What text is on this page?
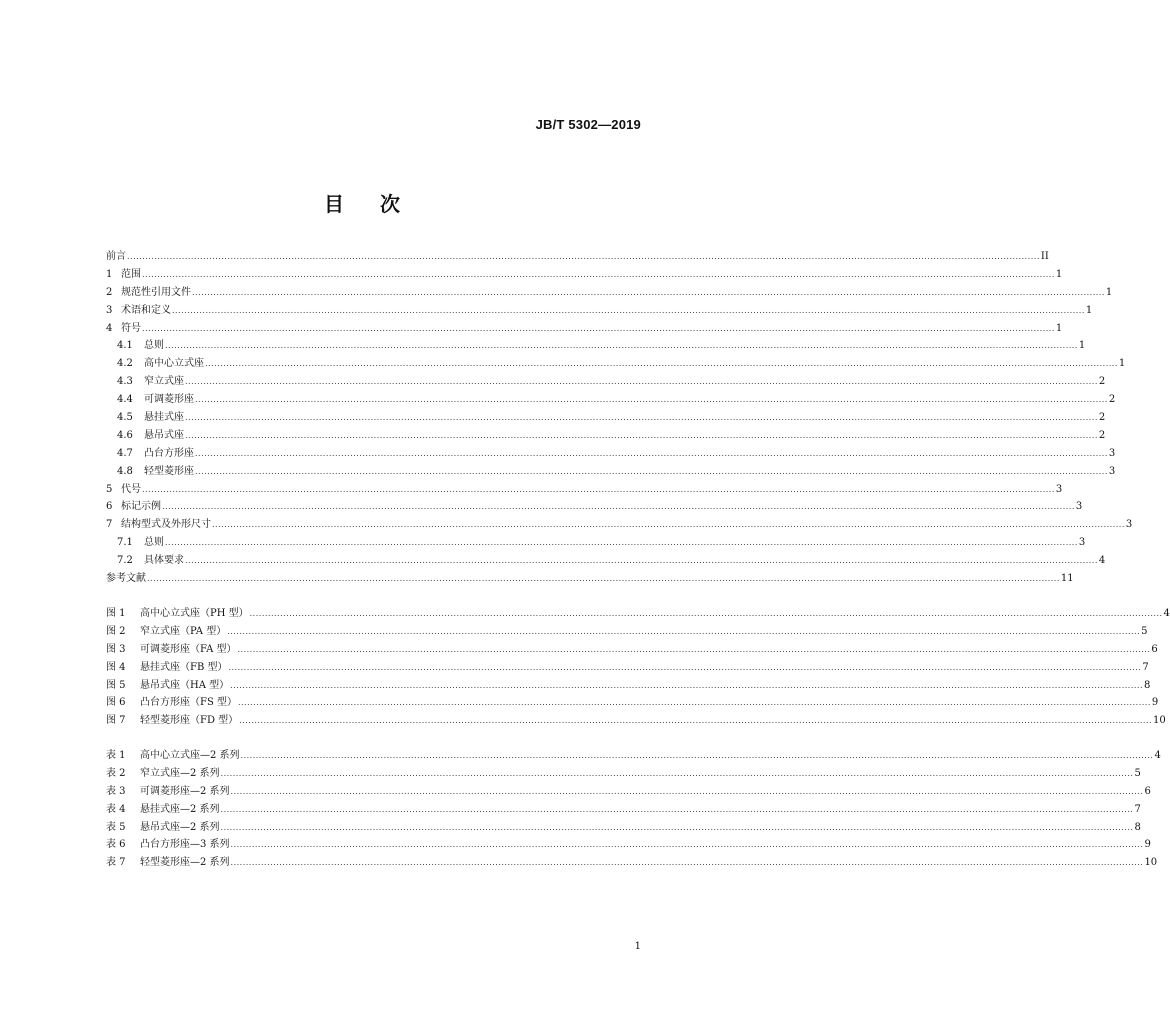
JB/T 5302—2019
目 次
前言 ............................................................................................................................................................................................................................................................................................................ II
1 范围 ............................................................................................................................................................................................................................................................................................................ 1
2 规范性引用文件 ............................................................................................................................................................................................................................................................................................................ 1
3 术语和定义 ............................................................................................................................................................................................................................................................................................................ 1
4 符号 ............................................................................................................................................................................................................................................................................................................ 1
4.1	总则 ............................................................................................................................................................................................................................................................................................................ 1
4.2	高中心立式座 ............................................................................................................................................................................................................................................................................................................ 1
4.3	窄立式座 ............................................................................................................................................................................................................................................................................................................ 2
4.4	可调菱形座 ............................................................................................................................................................................................................................................................................................................ 2
4.5	悬挂式座 ............................................................................................................................................................................................................................................................................................................ 2
4.6	悬吊式座 ............................................................................................................................................................................................................................................................................................................ 2
4.7	凸台方形座 ............................................................................................................................................................................................................................................................................................................ 3
4.8	轻型菱形座 ............................................................................................................................................................................................................................................................................................................ 3
5 代号 ............................................................................................................................................................................................................................................................................................................ 3
6 标记示例 ............................................................................................................................................................................................................................................................................................................ 3
7 结构型式及外形尺寸 ............................................................................................................................................................................................................................................................................................................ 3
7.1	总则 ............................................................................................................................................................................................................................................................................................................ 3
7.2	具体要求 ............................................................................................................................................................................................................................................................................................................ 4
参考文献 ............................................................................................................................................................................................................................................................................................................ 11
图 1	高中心立式座（PH 型） ............................................................................................................................................................................................................................................................................................................ 4
图 2	窄立式座（PA 型） ............................................................................................................................................................................................................................................................................................................ 5
图 3	可调菱形座（FA 型） ............................................................................................................................................................................................................................................................................................................ 6
图 4	悬挂式座（FB 型） ............................................................................................................................................................................................................................................................................................................ 7
图 5	悬吊式座（HA 型） ............................................................................................................................................................................................................................................................................................................ 8
图 6	凸台方形座（FS 型） ............................................................................................................................................................................................................................................................................................................ 9
图 7	轻型菱形座（FD 型） ............................................................................................................................................................................................................................................................................................................ 10
表 1	高中心立式座—2 系列 ............................................................................................................................................................................................................................................................................................................ 4
表 2	窄立式座—2 系列 ............................................................................................................................................................................................................................................................................................................ 5
表 3	可调菱形座—2 系列 ............................................................................................................................................................................................................................................................................................................ 6
表 4	悬挂式座—2 系列 ............................................................................................................................................................................................................................................................................................................ 7
表 5	悬吊式座—2 系列 ............................................................................................................................................................................................................................................................................................................ 8
表 6	凸台方形座—3 系列 ............................................................................................................................................................................................................................................................................................................ 9
表 7	轻型菱形座—2 系列 ............................................................................................................................................................................................................................................................................................................ 10
1
